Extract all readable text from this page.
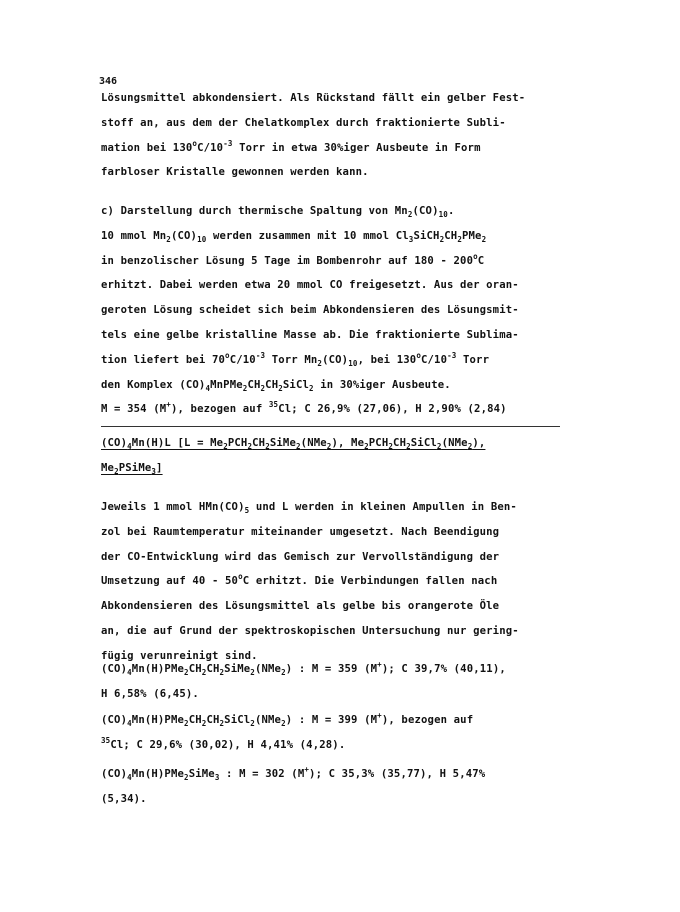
346
Lösungsmittel abkondensiert. Als Rückstand fällt ein gelber Fest-
stoff an, aus dem der Chelatkomplex durch fraktionierte Subli-
mation bei $130^oC/10^{-3}$ Torr in etwa 30%iger Ausbeute in Form
farbloser Kristalle gewonnen werden kann.
c) Darstellung durch thermische Spaltung von $Mn_2(CO)_{10}$.
10 mmol $Mn_2(CO)_{10}$ werden zusammen mit 10 mmol $Cl_3SiCH_2CH_2PMe_2$
in benzolischer Lösung 5 Tage im Bombenrohr auf 180 - 200$^o$C
erhitzt. Dabei werden etwa 20 mmol CO freigesetzt. Aus der oran-
geroten Lösung scheidet sich beim Abkondensieren des Lösungsmit-
tels eine gelbe kristalline Masse ab. Die fraktionierte Sublima-
tion liefert bei $70^oC/10^{-3}$ Torr $Mn_2(CO)_{10}$, bei $130^oC/10^{-3}$ Torr
den Komplex $(CO)_4MnPMe_2CH_2CH_2SiCl_2$ in 30%iger Ausbeute.
M = 354 (M+), bezogen auf $^{35}$Cl; C 26,9% (27,06), H 2,90% (2,84)
$(CO)_4Mn(H)L$ [$L = Me_2PCH_2CH_2SiMe_2(NMe_2)$, $Me_2PCH_2CH_2SiCl_2(NMe_2)$,
$Me_2PSiMe_3$]
Jeweils 1 mmol $HMn(CO)_5$ und L werden in kleinen Ampullen in Ben-
zol bei Raumtemperatur miteinander umgesetzt. Nach Beendigung
der CO-Entwicklung wird das Gemisch zur Vervollständigung der
Umsetzung auf 40 - 50$^o$C erhitzt. Die Verbindungen fallen nach
Abkondensieren des Lösungsmittel als gelbe bis orangerote Öle
an, die auf Grund der spektroskopischen Untersuchung nur gering-
fügig verunreinigt sind.
$(CO)_4Mn(H)PMe_2CH_2CH_2SiMe_2(NMe_2)$ : M = 359 (M+); C 39,7% (40,11),
H 6,58% (6,45).
$(CO)_4Mn(H)PMe_2CH_2CH_2SiCl_2(NMe_2)$ : M = 399 (M+), bezogen auf
$^{35}$Cl; C 29,6% (30,02), H 4,41% (4,28).
$(CO)_4Mn(H)PMe_2SiMe_3$ : M = 302 (M+); C 35,3% (35,77), H 5,47%
(5,34).
